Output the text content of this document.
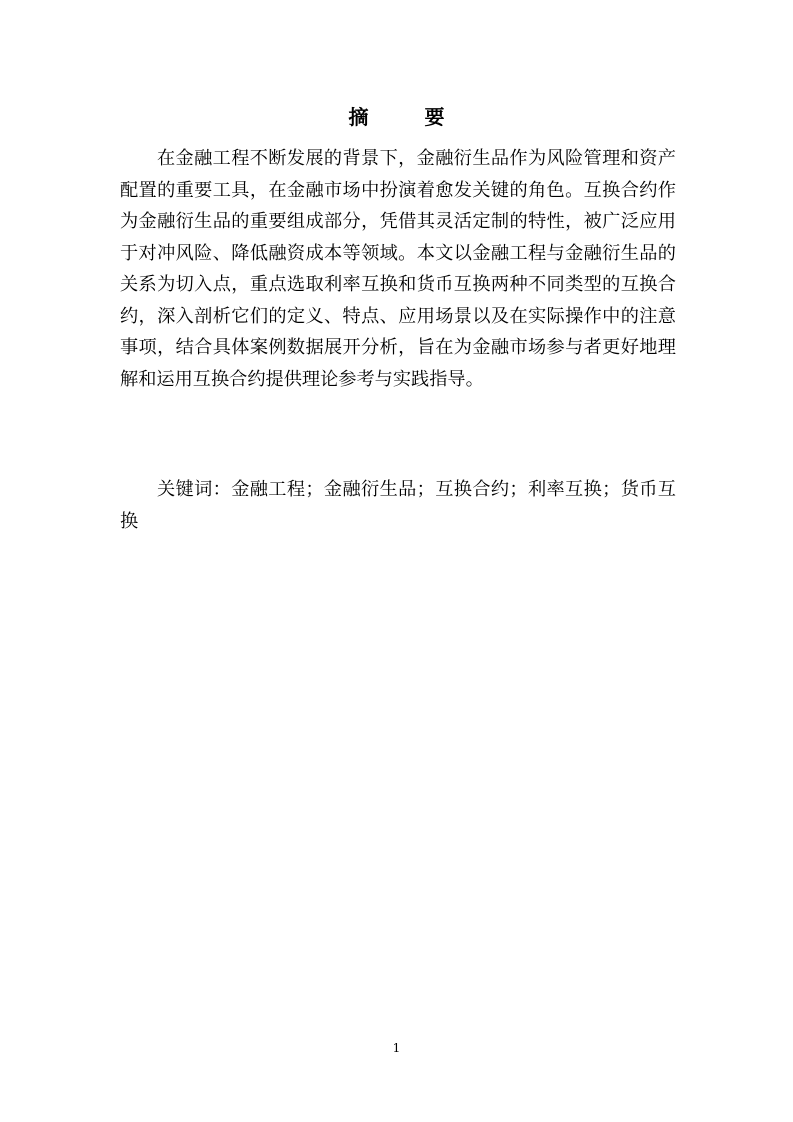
摘　要

在金融工程不断发展的背景下，金融衍生品作为风险管理和资产配置的重要工具，在金融市场中扮演着愈发关键的角色。互换合约作为金融衍生品的重要组成部分，凭借其灵活定制的特性，被广泛应用于对冲风险、降低融资成本等领域。本文以金融工程与金融衍生品的关系为切入点，重点选取利率互换和货币互换两种不同类型的互换合约，深入剖析它们的定义、特点、应用场景以及在实际操作中的注意事项，结合具体案例数据展开分析，旨在为金融市场参与者更好地理解和运用互换合约提供理论参考与实践指导。

关键词：金融工程；金融衍生品；互换合约；利率互换；货币互换

1
